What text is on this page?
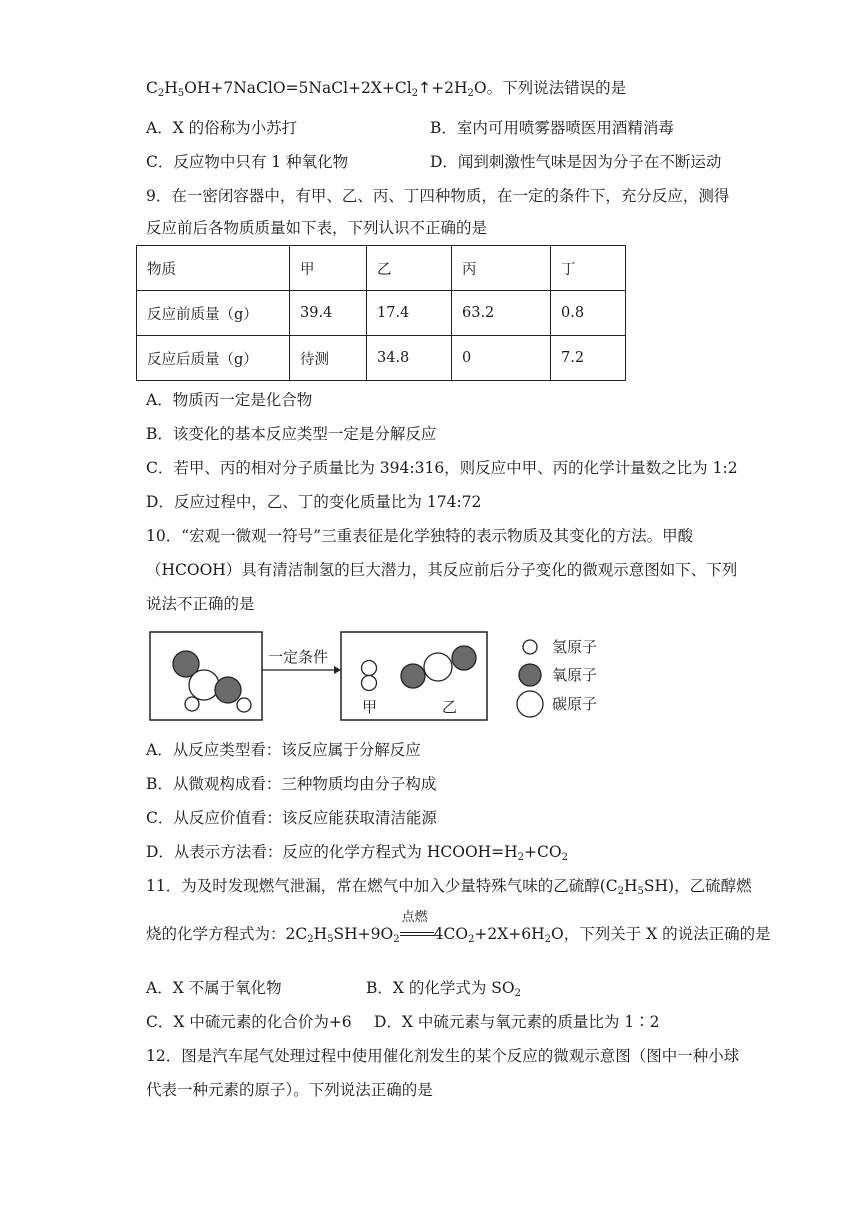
$C_2H_5OH+7NaClO=5NaCl+2X+Cl_2↑+2H_2O$。下列说法错误的是
A．X 的俗称为小苏打	B．室内可用喷雾器喷医用酒精消毒
C．反应物中只有 1 种氧化物	D．闻到刺激性气味是因为分子在不断运动
9．在一密闭容器中，有甲、乙、丙、丁四种物质，在一定的条件下，充分反应，测得
反应前后各物质质量如下表，下列认识不正确的是
物质	甲	乙	丙	丁
反应前质量（g）	39.4	17.4	63.2	0.8
反应后质量（g）	待测	34.8	0	7.2
A．物质丙一定是化合物
B．该变化的基本反应类型一定是分解反应
C．若甲、丙的相对分子质量比为 394:316，则反应中甲、丙的化学计量数之比为 1:2
D．反应过程中，乙、丁的变化质量比为 174:72
10．“宏观一微观一符号”三重表征是化学独特的表示物质及其变化的方法。甲酸
（HCOOH）具有清洁制氢的巨大潜力，其反应前后分子变化的微观示意图如下、下列
说法不正确的是
一定条件
甲	乙
氢原子
氧原子
碳原子
A．从反应类型看：该反应属于分解反应
B．从微观构成看：三种物质均由分子构成
C．从反应价值看：该反应能获取清洁能源
D．从表示方法看：反应的化学方程式为 $HCOOH=H_2+CO_2$
11．为及时发现燃气泄漏，常在燃气中加入少量特殊气味的乙硫醇$(C_2H_5SH)$，乙硫醇燃
烧的化学方程式为：$2C_2H_5SH+9O_2$
点燃
$4CO_2+2X+6H_2O$，下列关于 X 的说法正确的是
A．X 不属于氧化物	B．X 的化学式为 $SO_2$
C．X 中硫元素的化合价为+6 D．X 中硫元素与氧元素的质量比为 1∶2
12．图是汽车尾气处理过程中使用催化剂发生的某个反应的微观示意图（图中一种小球
代表一种元素的原子）。下列说法正确的是
